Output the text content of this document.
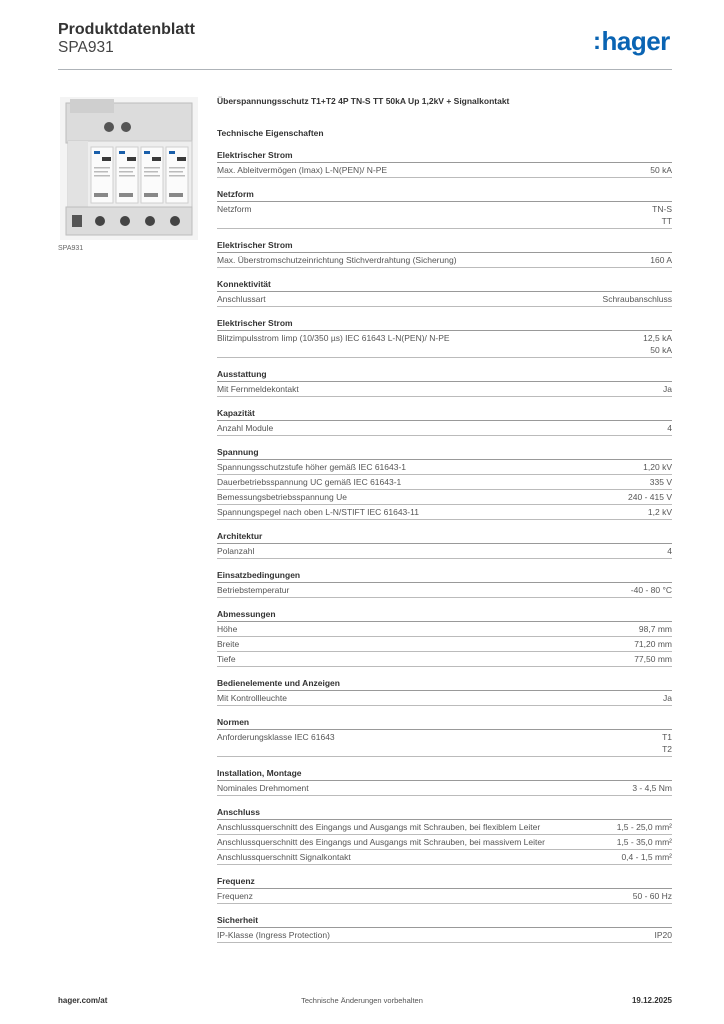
Produktdatenblatt
SPA931	:hager
SPA931
Überspannungsschutz T1+T2 4P TN-S TT 50kA Up 1,2kV + Signalkontakt
Technische Eigenschaften
Elektrischer Strom
Max. Ableitvermögen (Imax) L-N(PEN)/ N-PE	50 kA
Netzform
Netzform	TN-S
TT
Elektrischer Strom
Max. Überstromschutzeinrichtung Stichverdrahtung (Sicherung)	160 A
Konnektivität
Anschlussart	Schraubanschluss
Elektrischer Strom
Blitzimpulsstrom Iimp (10/350 µs) IEC 61643 L-N(PEN)/ N-PE	12,5 kA
50 kA
Ausstattung
Mit Fernmeldekontakt	Ja
Kapazität
Anzahl Module	4
Spannung
Spannungsschutzstufe höher gemäß IEC 61643-1	1,20 kV
Dauerbetriebsspannung UC gemäß IEC 61643-1	335 V
Bemessungsbetriebsspannung Ue	240 - 415 V
Spannungspegel nach oben L-N/STIFT IEC 61643-11	1,2 kV
Architektur
Polanzahl	4
Einsatzbedingungen
Betriebstemperatur	-40 - 80 °C
Abmessungen
Höhe	98,7 mm
Breite	71,20 mm
Tiefe	77,50 mm
Bedienelemente und Anzeigen
Mit Kontrollleuchte	Ja
Normen
Anforderungsklasse IEC 61643	T1
T2
Installation, Montage
Nominales Drehmoment	3 - 4,5 Nm
Anschluss
Anschlussquerschnitt des Eingangs und Ausgangs mit Schrauben, bei flexiblem Leiter	1,5 - 25,0 mm²
Anschlussquerschnitt des Eingangs und Ausgangs mit Schrauben, bei massivem Leiter	1,5 - 35,0 mm²
Anschlussquerschnitt Signalkontakt	0,4 - 1,5 mm²
Frequenz
Frequenz	50 - 60 Hz
Sicherheit
IP-Klasse (Ingress Protection)	IP20
hager.com/at	Technische Änderungen vorbehalten	19.12.2025
